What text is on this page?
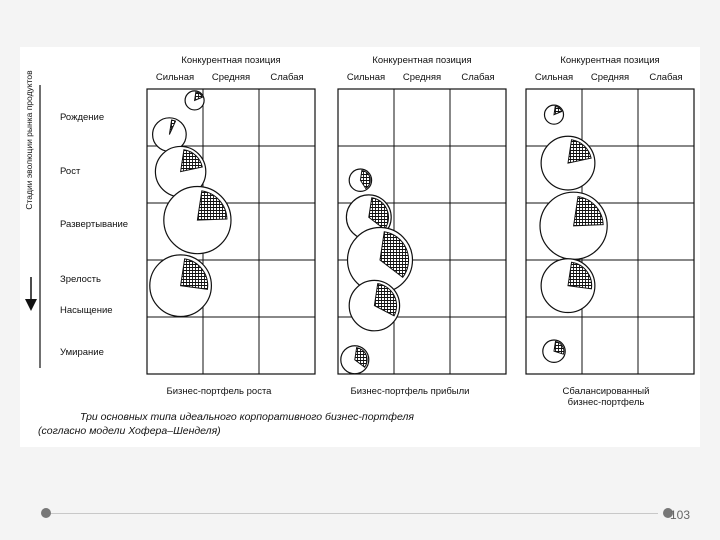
Стадии эволюции рынка продуктов	Рождение
Рост
Развертывание
Зрелость
Насыщение
Умирание
Конкурентная позиция
Сильная Средняя Слабая
Бизнес-портфель роста
Конкурентная позиция
Сильная Средняя Слабая
Бизнес-портфель прибыли
Конкурентная позиция
Сильная Средняя Слабая
Сбалансированный
бизнес-портфель
Три основных типа идеального корпоративного бизнес-портфеля
(согласно модели Хофера–Шенделя)
103
